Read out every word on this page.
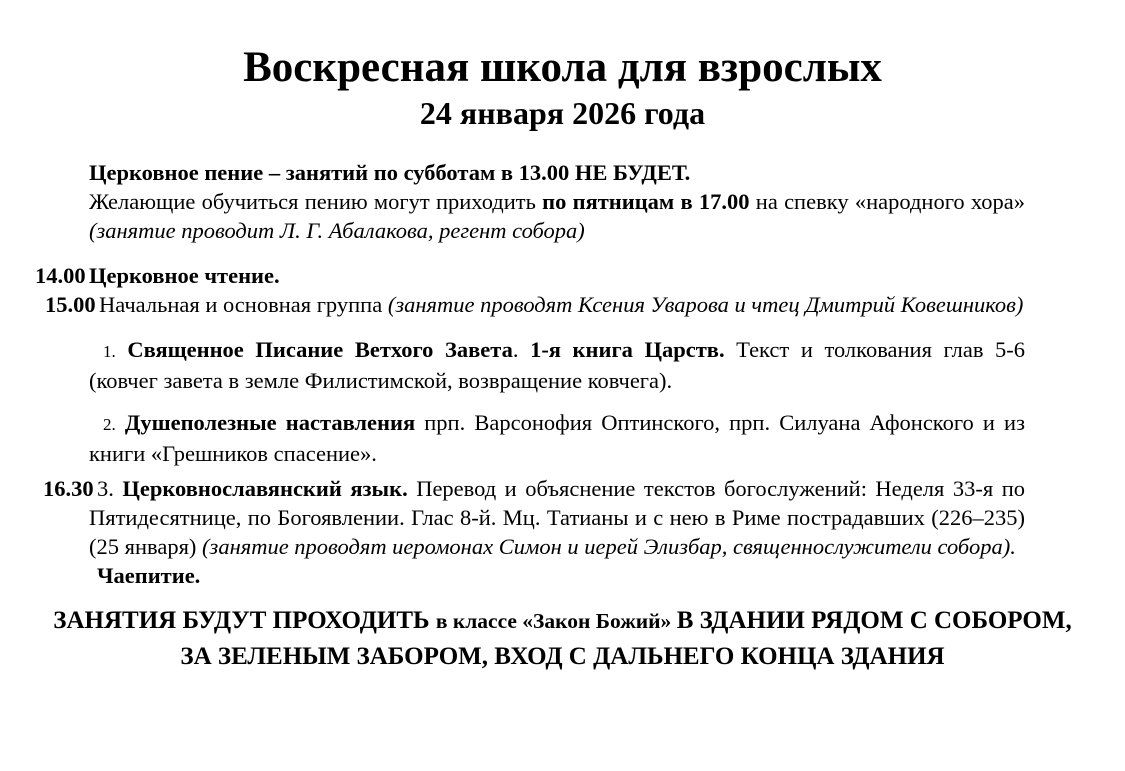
Воскресная школа для взрослых
24 января 2026 года

Церковное пение – занятий по субботам в 13.00 НЕ БУДЕТ.

Желающие обучиться пению могут приходить по пятницам в 17.00 на спевку «народного хора» (занятие проводит Л. Г. Абалакова, регент собора)

14.00 Церковное чтение.

15.00 Начальная и основная группа (занятие проводят Ксения Уварова и чтец Дмитрий Ковешников)

1. Священное Писание Ветхого Завета. 1-я книга Царств. Текст и толкования глав 5-6 (ковчег завета в земле Филистимской, возвращение ковчега).

2. Душеполезные наставления прп. Варсонофия Оптинского, прп. Силуана Афонского и из книги «Грешников спасение».

16.30 3. Церковнославянский язык. Перевод и объяснение текстов богослужений: Неделя 33-я по Пятидесятнице, по Богоявлении. Глас 8-й. Мц. Татианы и с нею в Риме пострадавших (226–235) (25 января) (занятие проводят иеромонах Симон и иерей Элизбар, священнослужители собора).

Чаепитие.

ЗАНЯТИЯ БУДУТ ПРОХОДИТЬ в классе «Закон Божий» В ЗДАНИИ РЯДОМ С СОБОРОМ,
ЗА ЗЕЛЕНЫМ ЗАБОРОМ, ВХОД С ДАЛЬНЕГО КОНЦА ЗДАНИЯ
